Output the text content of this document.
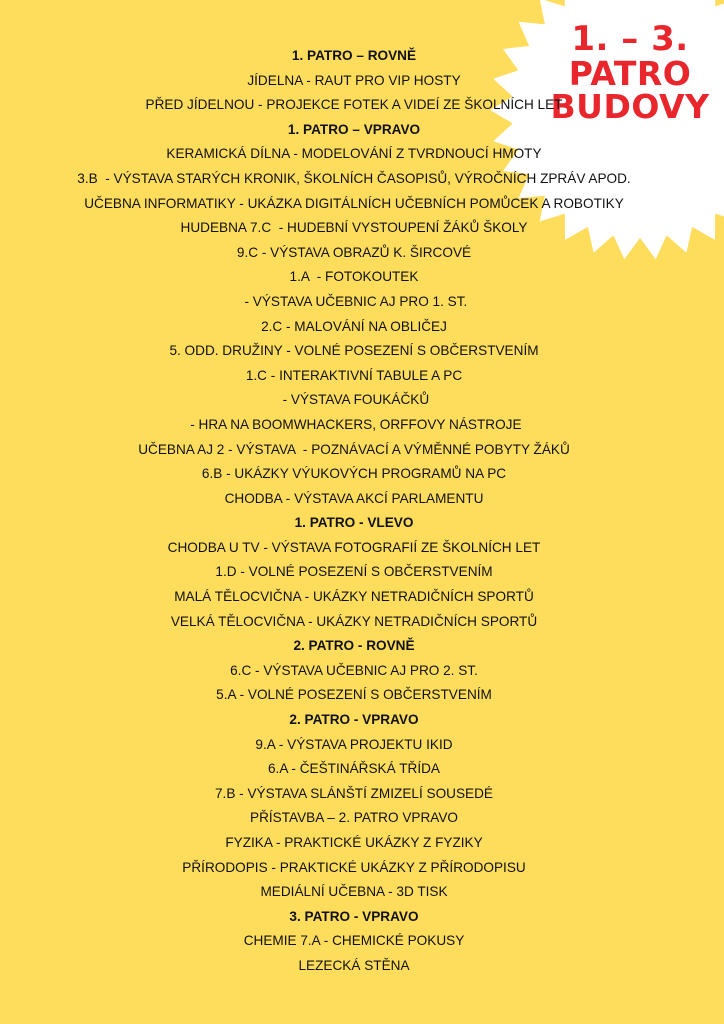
1. – 3.
PATRO
BUDOVY
1. PATRO – ROVNĚ
JÍDELNA - RAUT PRO VIP HOSTY
PŘED JÍDELNOU - PROJEKCE FOTEK A VIDEÍ ZE ŠKOLNÍCH LET
1. PATRO – VPRAVO
KERAMICKÁ DÍLNA - MODELOVÁNÍ Z TVRDNOUCÍ HMOTY
3.B  - VÝSTAVA STARÝCH KRONIK, ŠKOLNÍCH ČASOPISŮ, VÝROČNÍCH ZPRÁV APOD.
UČEBNA INFORMATIKY - UKÁZKA DIGITÁLNÍCH UČEBNÍCH POMŮCEK A ROBOTIKY
HUDEBNA 7.C  - HUDEBNÍ VYSTOUPENÍ ŽÁKŮ ŠKOLY
9.C - VÝSTAVA OBRAZŮ K. ŠIRCOVÉ
1.A  - FOTOKOUTEK
- VÝSTAVA UČEBNIC AJ PRO 1. ST.
2.C - MALOVÁNÍ NA OBLIČEJ
5. ODD. DRUŽINY - VOLNÉ POSEZENÍ S OBČERSTVENÍM
1.C - INTERAKTIVNÍ TABULE A PC
- VÝSTAVA FOUKÁČKŮ
- HRA NA BOOMWHACKERS, ORFFOVY NÁSTROJE
UČEBNA AJ 2 - VÝSTAVA  - POZNÁVACÍ A VÝMĚNNÉ POBYTY ŽÁKŮ
6.B - UKÁZKY VÝUKOVÝCH PROGRAMŮ NA PC
CHODBA - VÝSTAVA AKCÍ PARLAMENTU
1. PATRO - VLEVO
CHODBA U TV - VÝSTAVA FOTOGRAFIÍ ZE ŠKOLNÍCH LET
1.D - VOLNÉ POSEZENÍ S OBČERSTVENÍM
MALÁ TĚLOCVIČNA - UKÁZKY NETRADIČNÍCH SPORTŮ
VELKÁ TĚLOCVIČNA - UKÁZKY NETRADIČNÍCH SPORTŮ
2. PATRO - ROVNĚ
6.C - VÝSTAVA UČEBNIC AJ PRO 2. ST.
5.A - VOLNÉ POSEZENÍ S OBČERSTVENÍM
2. PATRO - VPRAVO
9.A - VÝSTAVA PROJEKTU IKID
6.A - ČEŠTINÁŘSKÁ TŘÍDA
7.B - VÝSTAVA SLÁNŠTÍ ZMIZELÍ SOUSEDÉ
PŘÍSTAVBA – 2. PATRO VPRAVO
FYZIKA - PRAKTICKÉ UKÁZKY Z FYZIKY
PŘÍRODOPIS - PRAKTICKÉ UKÁZKY Z PŘÍRODOPISU
MEDIÁLNÍ UČEBNA - 3D TISK
3. PATRO - VPRAVO
CHEMIE 7.A - CHEMICKÉ POKUSY
LEZECKÁ STĚNA
